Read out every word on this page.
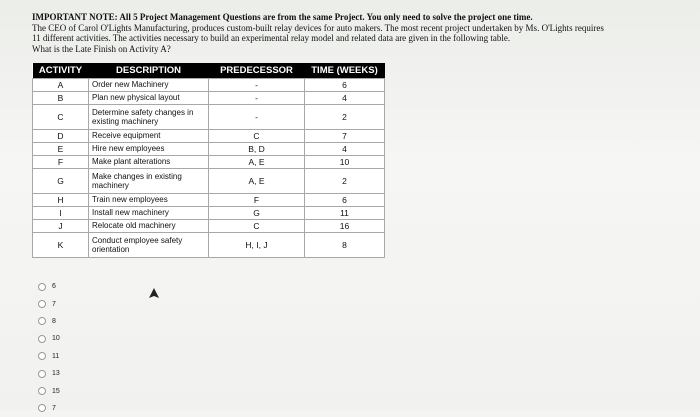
IMPORTANT NOTE: All 5 Project Management Questions are from the same Project. You only need to solve the project one time.

The CEO of Carol O'Lights Manufacturing, produces custom-built relay devices for auto makers. The most recent project undertaken by Ms. O'Lights requires

11 different activities. The activities necessary to build an experimental relay model and related data are given in the following table.

What is the Late Finish on Activity A?

ACTIVITY	DESCRIPTION	PREDECESSOR	TIME (WEEKS)
A	Order new Machinery	-	6
B	Plan new physical layout	-	4
C	Determine safety changes in existing machinery	-	2
D	Receive equipment	C	7
E	Hire new employees	B, D	4
F	Make plant alterations	A, E	10
G	Make changes in existing machinery	A, E	2
H	Train new employees	F	6
I	Install new machinery	G	11
J	Relocate old machinery	C	16
K	Conduct employee safety orientation	H, I, J	8
6
7
8
10
11
13
15
7
